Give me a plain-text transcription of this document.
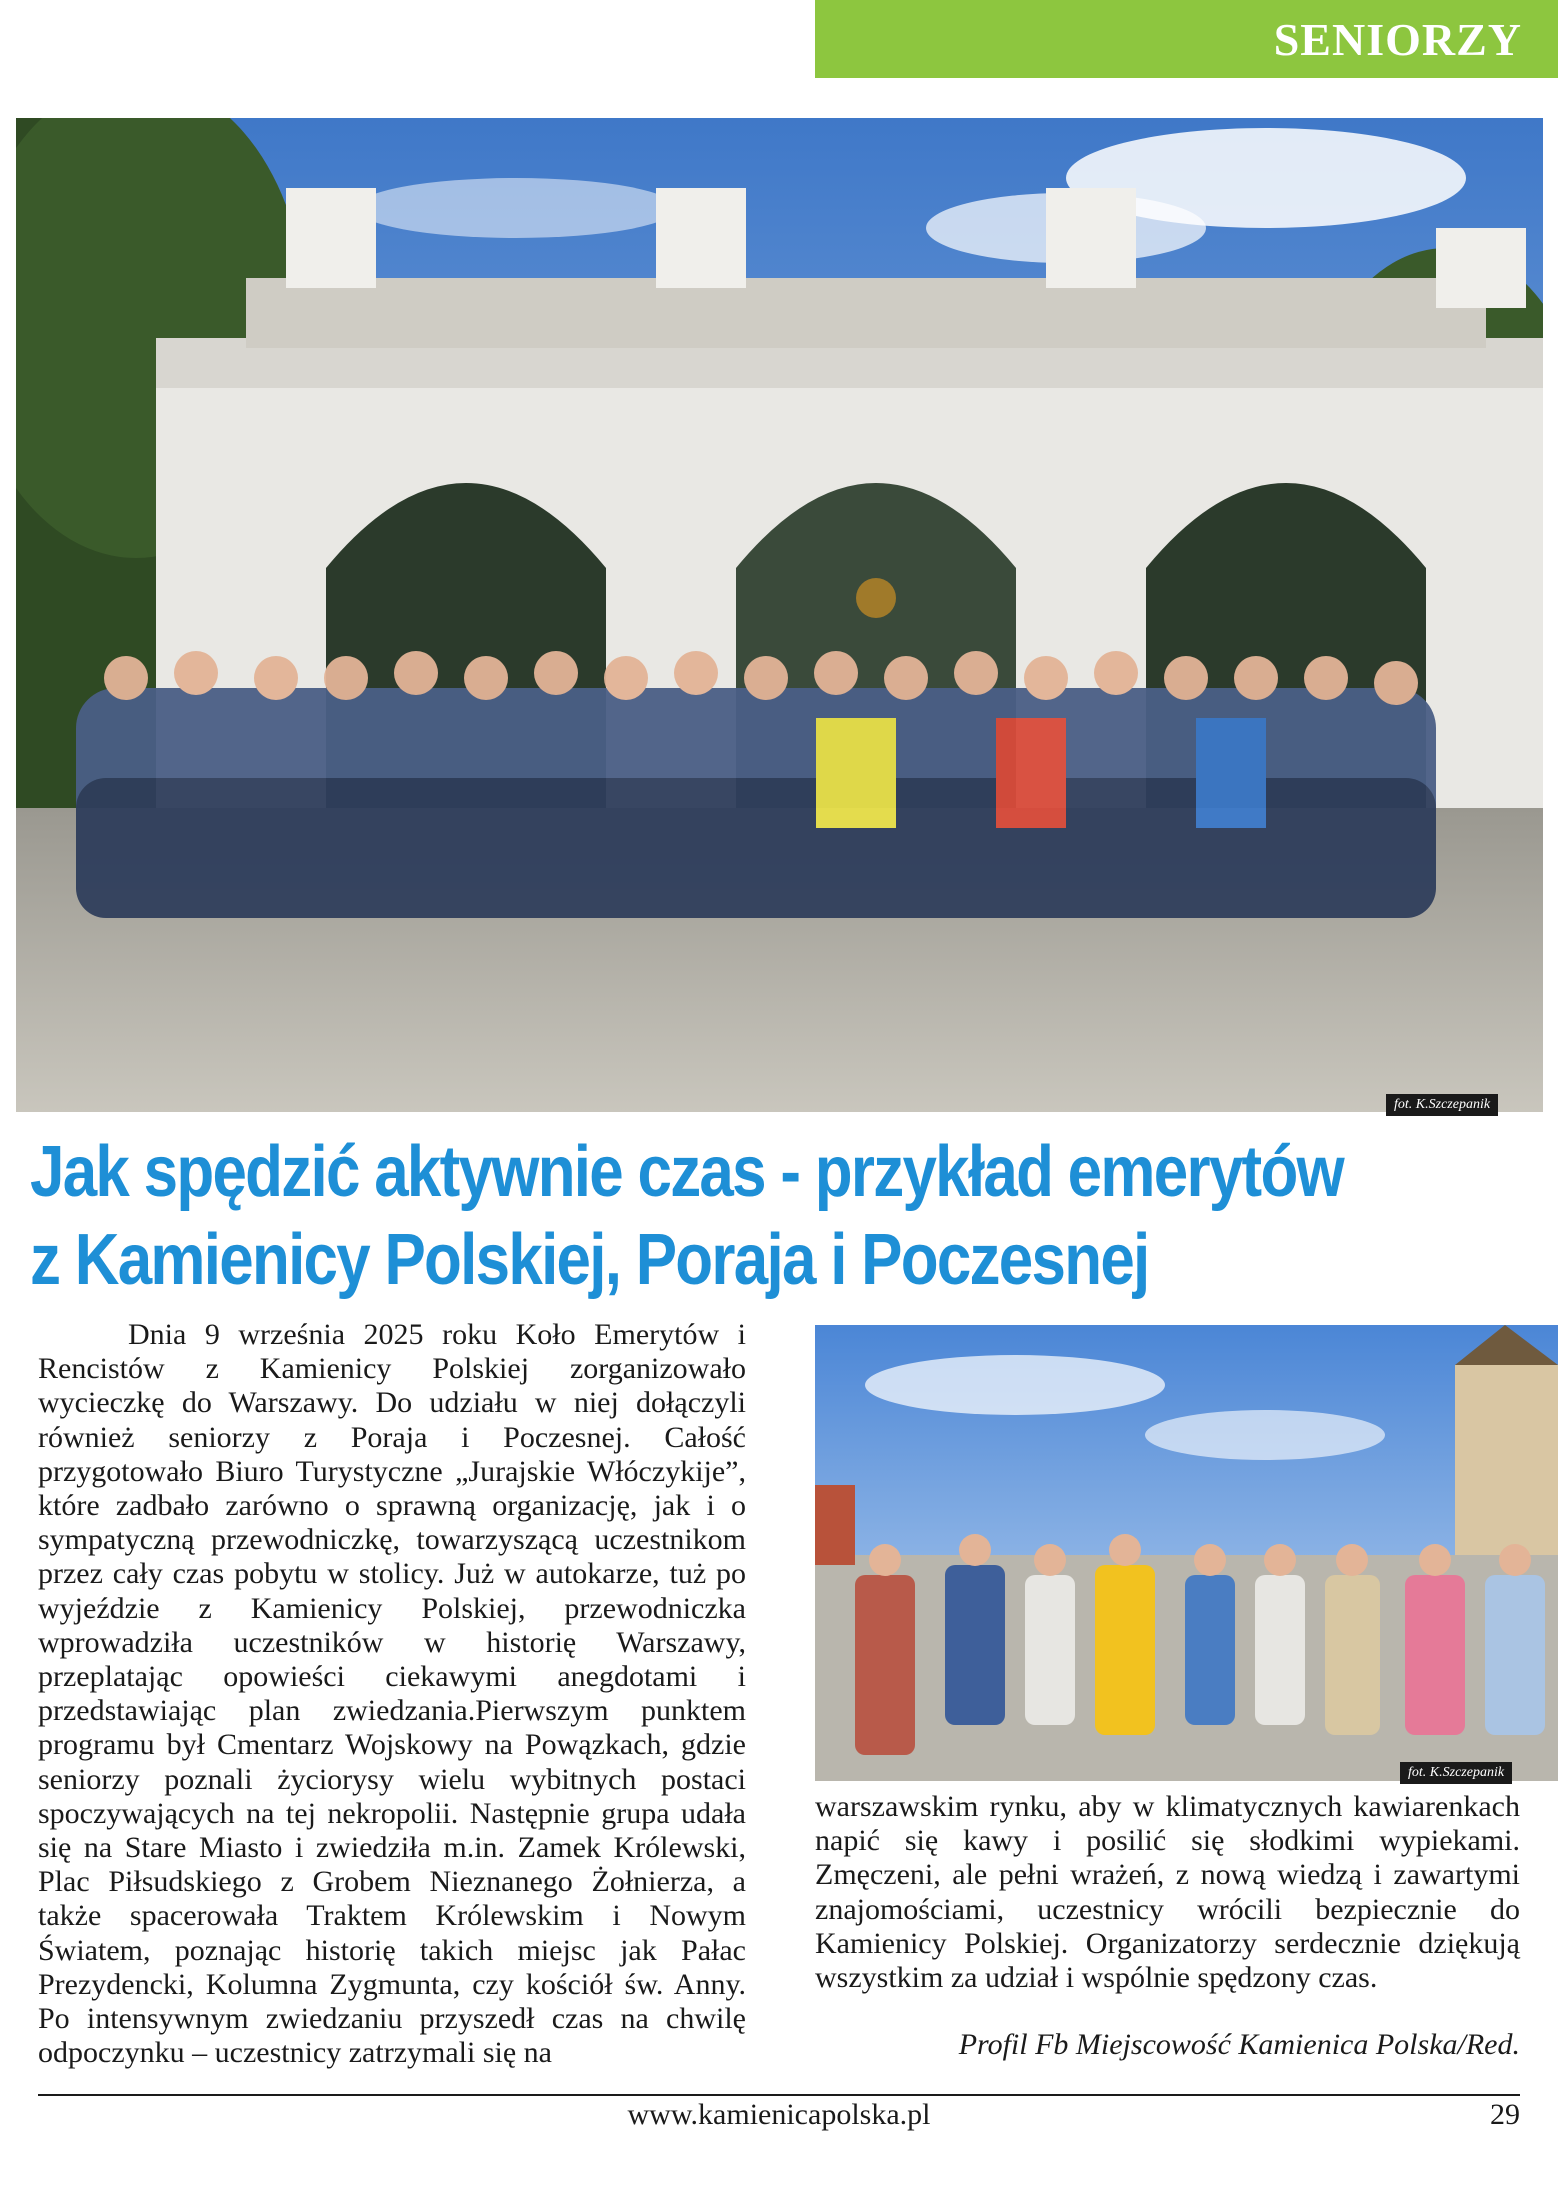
SENIORZY
fot. K.Szczepanik
Jak spędzić aktywnie czas - przykład emerytów
z Kamienicy Polskiej, Poraja i Poczesnej

Dnia 9 września 2025 roku Koło Emerytów i Rencistów z Kamienicy Polskiej zorganizowało wycieczkę do Warszawy. Do udziału w niej dołączyli również seniorzy z Poraja i Poczesnej. Całość przygotowało Biuro Turystyczne „Jurajskie Włóczykije”, które zadbało zarówno o sprawną organizację, jak i o sympatyczną przewodniczkę, towarzyszącą uczestnikom przez cały czas pobytu w stolicy. Już w autokarze, tuż po wyjeździe z Kamienicy Polskiej, przewodniczka wprowadziła uczestników w historię Warszawy, przeplatając opowieści ciekawymi anegdotami i przedstawiając plan zwiedzania.Pierwszym punktem programu był Cmentarz Wojskowy na Powązkach, gdzie seniorzy poznali życiorysy wielu wybitnych postaci spoczywających na tej nekropolii. Następnie grupa udała się na Stare Miasto i zwiedziła m.in. Zamek Królewski, Plac Piłsudskiego z Grobem Nieznanego Żołnierza, a także spacerowała Traktem Królewskim i Nowym Światem, poznając historię takich miejsc jak Pałac Prezydencki, Kolumna Zygmunta, czy kościół św. Anny. Po intensywnym zwiedzaniu przyszedł czas na chwilę odpoczynku – uczestnicy zatrzymali się na

fot. K.Szczepanik

warszawskim rynku, aby w klimatycznych kawiarenkach napić się kawy i posilić się słodkimi wypiekami. Zmęczeni, ale pełni wrażeń, z nową wiedzą i zawartymi znajomościami, uczestnicy wrócili bezpiecznie do Kamienicy Polskiej. Organizatorzy serdecznie dziękują wszystkim za udział i wspólnie spędzony czas.

Profil Fb Miejscowość Kamienica Polska/Red.

www.kamienicapolska.pl	29
